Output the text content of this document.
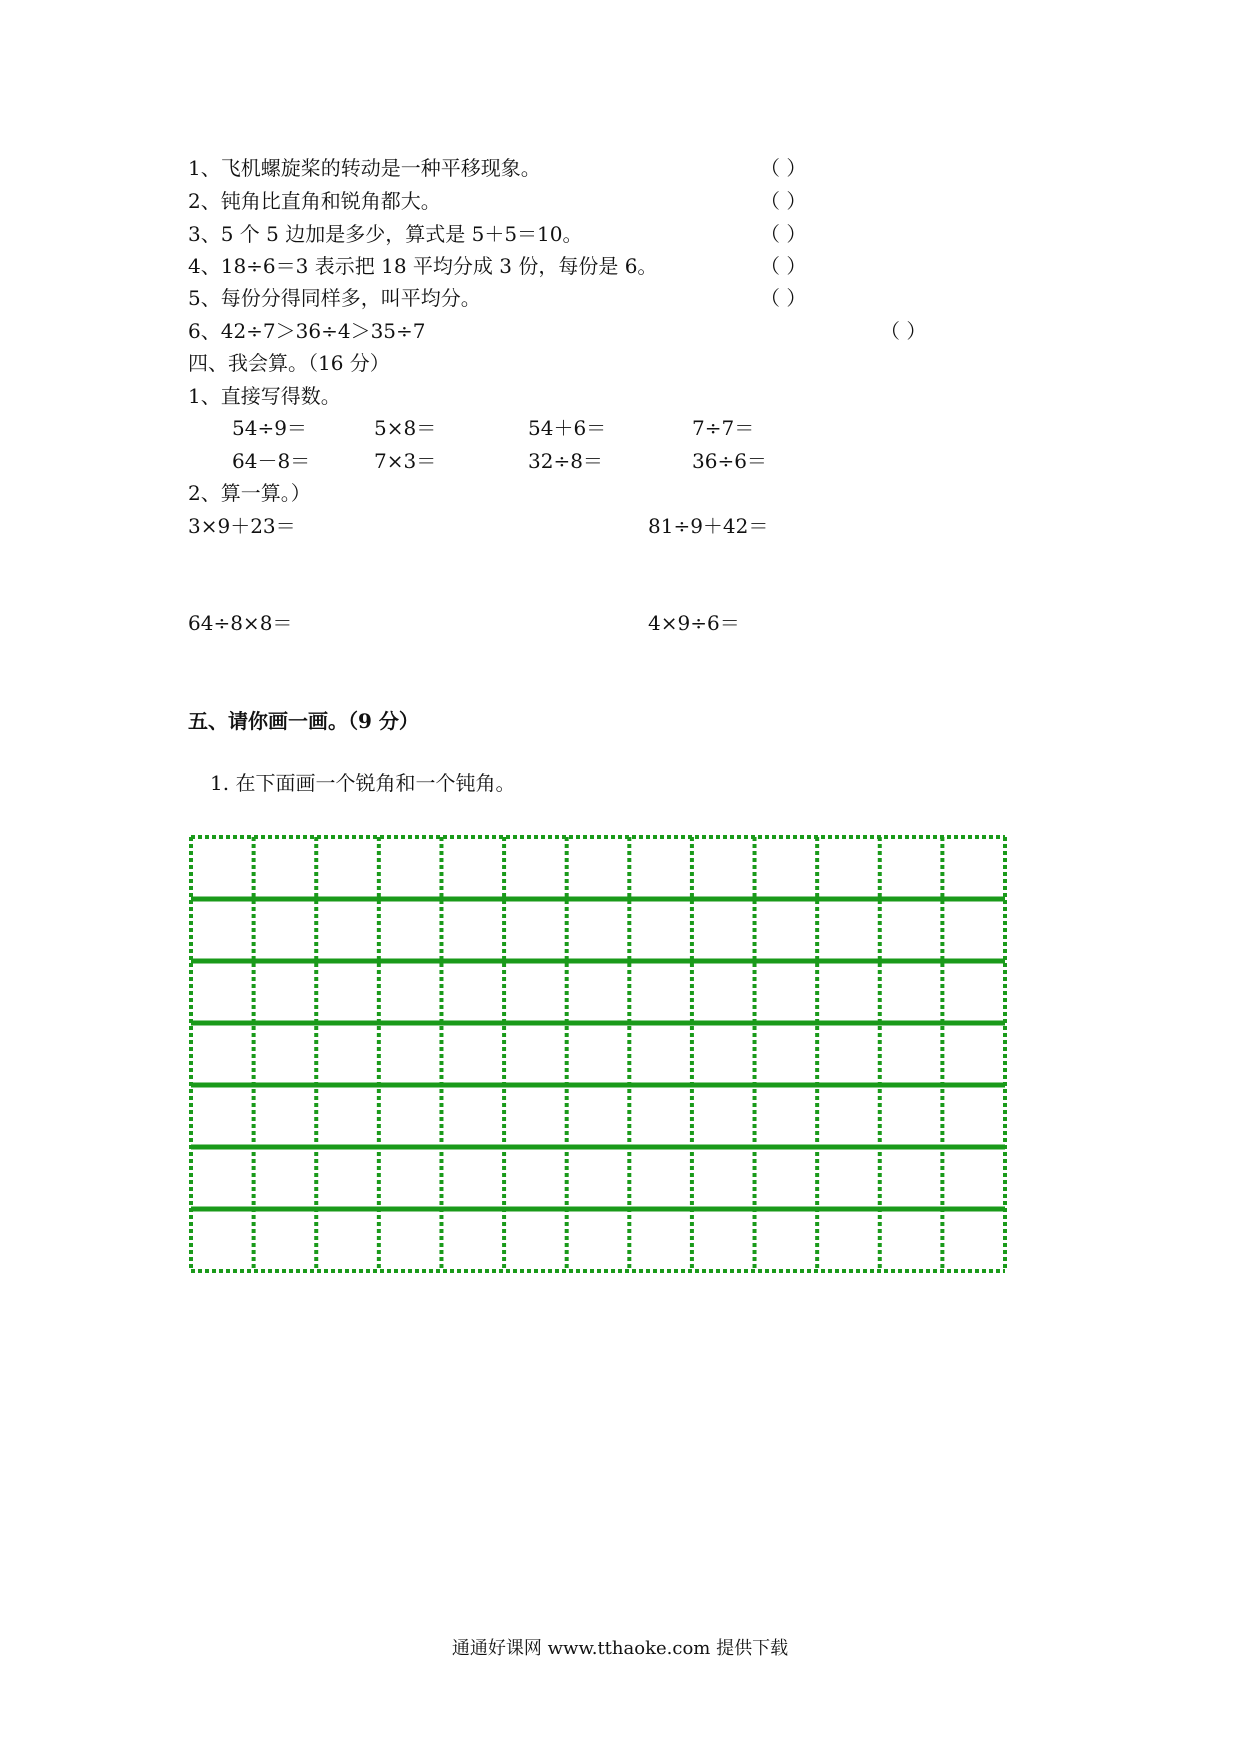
1、飞机螺旋桨的转动是一种平移现象。	（ ）
2、钝角比直角和锐角都大。	（ ）
3、5 个 5 边加是多少，算式是 5＋5＝10。	（ ）
4、18÷6＝3 表示把 18 平均分成 3 份，每份是 6。	（ ）
5、每份分得同样多，叫平均分。	（ ）
6、42÷7＞36÷4＞35÷7	（ ）
四、我会算。（16 分）
1、直接写得数。
54÷9＝	5×8＝	54＋6＝	7÷7＝
64－8＝	7×3＝	32÷8＝	36÷6＝
2、算一算。）
3×9＋23＝	81÷9＋42＝
64÷8×8＝	4×9÷6＝
五、请你画一画。（9 分）
1. 在下面画一个锐角和一个钝角。
通通好课网 www.tthaoke.com 提供下载
